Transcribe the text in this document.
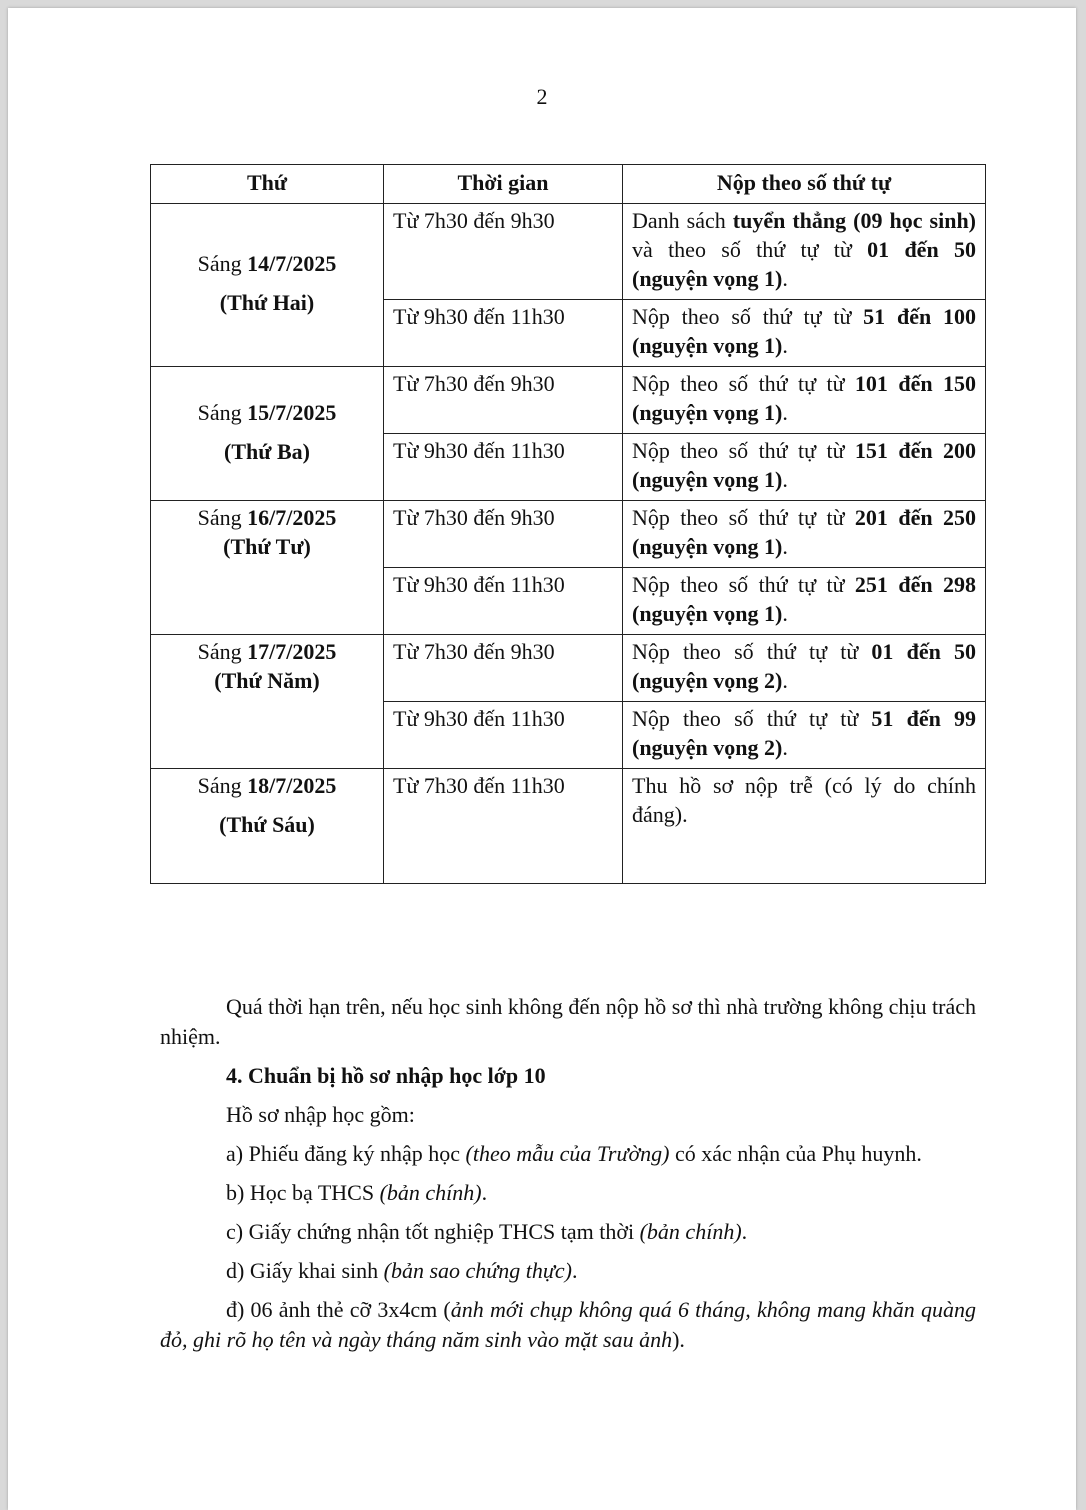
2
Thứ	Thời gian	Nộp theo số thứ tự

Sáng 14/7/2025
(Thứ Hai)	Từ 7h30 đến 9h30	Danh sách tuyển thẳng (09 học sinh) và theo số thứ tự từ 01 đến 50 (nguyện vọng 1).
	Từ 9h30 đến 11h30	Nộp theo số thứ tự từ 51 đến 100 (nguyện vọng 1).

Sáng 15/7/2025
(Thứ Ba)	Từ 7h30 đến 9h30	Nộp theo số thứ tự từ 101 đến 150 (nguyện vọng 1).
	Từ 9h30 đến 11h30	Nộp theo số thứ tự từ 151 đến 200 (nguyện vọng 1).

Sáng 16/7/2025
(Thứ Tư)	Từ 7h30 đến 9h30	Nộp theo số thứ tự từ 201 đến 250 (nguyện vọng 1).
	Từ 9h30 đến 11h30	Nộp theo số thứ tự từ 251 đến 298 (nguyện vọng 1).

Sáng 17/7/2025
(Thứ Năm)	Từ 7h30 đến 9h30	Nộp theo số thứ tự từ 01 đến 50 (nguyện vọng 2).
	Từ 9h30 đến 11h30	Nộp theo số thứ tự từ 51 đến 99 (nguyện vọng 2).

Sáng 18/7/2025
(Thứ Sáu)	Từ 7h30 đến 11h30	Thu hồ sơ nộp trễ (có lý do chính đáng).

Quá thời hạn trên, nếu học sinh không đến nộp hồ sơ thì nhà trường không chịu trách nhiệm.

4. Chuẩn bị hồ sơ nhập học lớp 10

Hồ sơ nhập học gồm:

a) Phiếu đăng ký nhập học (theo mẫu của Trường) có xác nhận của Phụ huynh.

b) Học bạ THCS (bản chính).

c) Giấy chứng nhận tốt nghiệp THCS tạm thời (bản chính).

d) Giấy khai sinh (bản sao chứng thực).

đ) 06 ảnh thẻ cỡ 3x4cm (ảnh mới chụp không quá 6 tháng, không mang khăn quàng đỏ, ghi rõ họ tên và ngày tháng năm sinh vào mặt sau ảnh).
